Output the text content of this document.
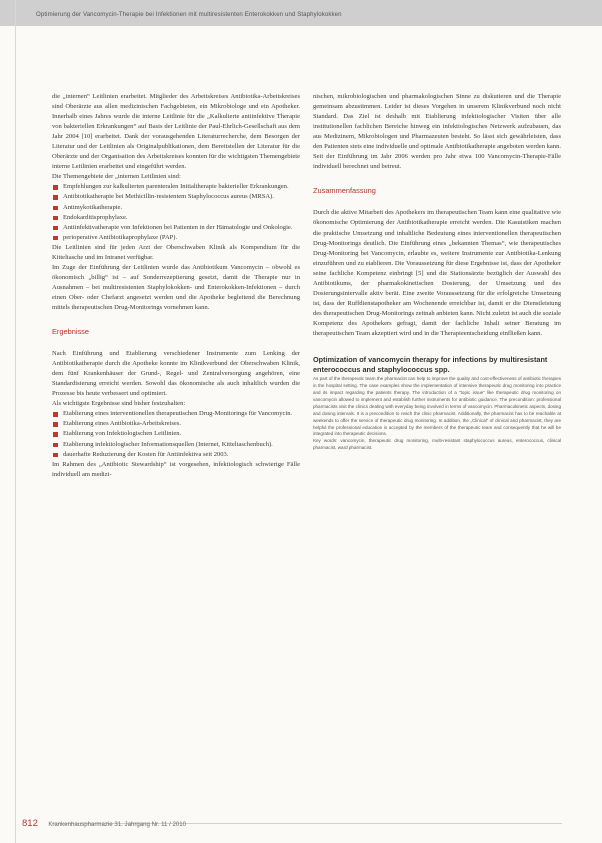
Optimierung der Vancomycin-Therapie bei Infektionen mit multiresistenten Enterokokken und Staphylokokken

die „internen“ Leitlinien erarbeitet. Mitglieder des Arbeitskreises Antibiotika-Arbeitskreises sind Oberärzte aus allen medizinischen Fachgebieten, ein Mikrobiologe und ein Apotheker. Innerhalb eines Jahres wurde die interne Leitlinie für die „Kalkulierte antiinfektive Therapie von bakteriellen Erkrankungen“ auf Basis der Leitlinie der Paul-Ehrlich-Gesellschaft aus dem Jahr 2004 [10] erarbeitet. Dank der vorausgehenden Literaturrecherche, dem Besorgen der Literatur und der Leitlinien als Originalpublikationen, dem Bereitstellen der Literatur für die Oberärzte und der Organisation des Arbeitskreises konnten für die wichtigsten Themengebiete interne Leitlinien erarbeitet und eingeführt werden.

Die Themengebiete der „internen Leitlinien sind:

Empfehlungen zur kalkulierten parenteralen Initialtherapie bakterieller Erkrankungen.
Antibiotikatherapie bei Methicillin-resistentem Staphylococcus aureus (MRSA).
Antimykotikatherapie.
Endokarditisprophylaxe.
Antiinfektivatherapie von Infektionen bei Patienten in der Hämatologie und Onkologie.
perioperative Antibiotikaprophylaxe (PAP).

Die Leitlinien sind für jeden Arzt der Oberschwaben Klinik als Kompendium für die Kitteltasche und im Intranet verfügbar.

Im Zuge der Einführung der Leitlinien wurde das Antibiotikum Vancomycin – obwohl es ökonomisch „billig“ ist – auf Sonderrezeptierung gesetzt, damit die Therapie nur in Ausnahmen – bei multiresistenten Staphylokokken- und Enterokokken-Infektionen – durch einen Ober- oder Chefarzt angesetzt werden und die Apotheke begleitend die Berechnung mittels therapeutischen Drug-Monitorings vornehmen kann.

Ergebnisse

Nach Einführung und Etablierung verschiedener Instrumente zum Lenking der Antibiotikatherapie durch die Apotheke konnte im Klinikverbund der Oberschwaben Klinik, dem fünf Krankenhäuser der Grund-, Regel- und Zentralversorgung angehören, eine Standardisierung erreicht werden. Sowohl das ökonomische als auch inhaltlich wurden die Prozesse bis heute verbessert und optimiert.

Als wichtigste Ergebnisse sind bisher festzuhalten:

Etablierung eines interventionellen therapeutischen Drug-Monitorings für Vancomycin.
Etablierung eines Antibiotika-Arbeitskreises.
Etablierung von Infektiologischen Leitlinien.
Etablierung infektiologischer Informationsquellen (Internet, Kitteltaschenbuch).
dauerhafte Reduzierung der Kosten für Antiinfektiva seit 2003.

Im Rahmen des „Antibiotic Stewardship“ ist vorgesehen, infektiologisch schwierige Fälle individuell am medizi-

nischen, mikrobiologischen und pharmakologischen Sinne zu diskutieren und die Therapie gemeinsam abzustimmen. Leider ist dieses Vorgehen in unserem Klinikverbund noch nicht Standard. Das Ziel ist deshalb mit Etablierung infektiologischer Visiten über alle institutionellen fachlichen Bereiche hinweg ein infektiologisches Netzwerk aufzubauen, das aus Medizinern, Mikrobiologen und Pharmazeuten besteht. So lässt sich gewährleisten, dass den Patienten stets eine individuelle und optimale Antibiotikatherapie angeboten werden kann. Seit der Einführung im Jahr 2006 werden pro Jahr etwa 100 Vancomycin-Therapie-Fälle individuell berechnet und betreut.

Zusammenfassung

Durch die aktive Mitarbeit des Apothekers im therapeutischen Team kann eine qualitative wie ökonomische Optimierung der Antibiotikatherapie erreicht werden. Die Kasuistiken machen die praktische Umsetzung und inhaltliche Bedeutung eines interventionellen therapeutischen Drug-Monitorings deutlich. Die Einführung eines „bekannten Themas“, wie therapeutisches Drug-Monitoring bei Vancomycin, erlaubte es, weitere Instrumente zur Antibiotika-Lenkung einzuführen und zu etablieren. Die Voraussetzung für diese Ergebnisse ist, dass der Apotheker seine fachliche Kompetenz einbringt [5] und die Stationsärzte bezüglich der Auswahl des Antibiotikums, der pharmakokinetischen Dosierung, der Umsetzung und des Dosierungsintervalle aktiv berät. Eine zweite Voraussetzung für die erfolgreiche Umsetzung ist, dass der Ruffdienstapotheker am Wochenende erreichbar ist, damit er die Dienstleistung des therapeutischen Drug-Monitorings zeitnah anbieten kann. Nicht zuletzt ist auch die soziale Kompetenz des Apothekers gefragt, damit der fachliche Inhalt seiner Beratung im therapeutischen Team akzeptiert wird und in die Therapieentscheidung einfließen kann.

Optimization of vancomycin therapy for infections by multiresistant enterococcus and staphylococcus spp.

As part of the therapeutic team the pharmacist can help to improve the quality and cost-effectiveness of antibiotic therapies in the hospital setting. The case examples show the implementation of intensive therapeutic drug monitoring into practice and its impact regarding the patients therapy. The introduction of a “topic issue” like therapeutic drug monitoring on vancomycin allowed to implement and establish further instruments for antibiotic guidance. The precondition: professional pharmacists visit the clinics dealing with everyday being involved in terms of vancomycin. Pharmacokinetic aspects, dosing and dosing intervals. It is a precondition to reach the clinic pharmacist. Additionally, the pharmacist has to be reachable at weekends to offer the service of therapeutic drug monitoring. In addition, the „Clinical“ of clinical and pharmacist, they are helpful the professional education is accepted by the members of the therapeutic team and consequently that he will be integrated into therapeutic decisions.

Key words: vancomycin, therapeutic drug monitoring, multi-resistant staphylococcus aureus, enterococcus, clinical pharmacist, ward pharmacist.

812 Krankenhauspharmazie 31. Jahrgang Nr. 11 / 2010
